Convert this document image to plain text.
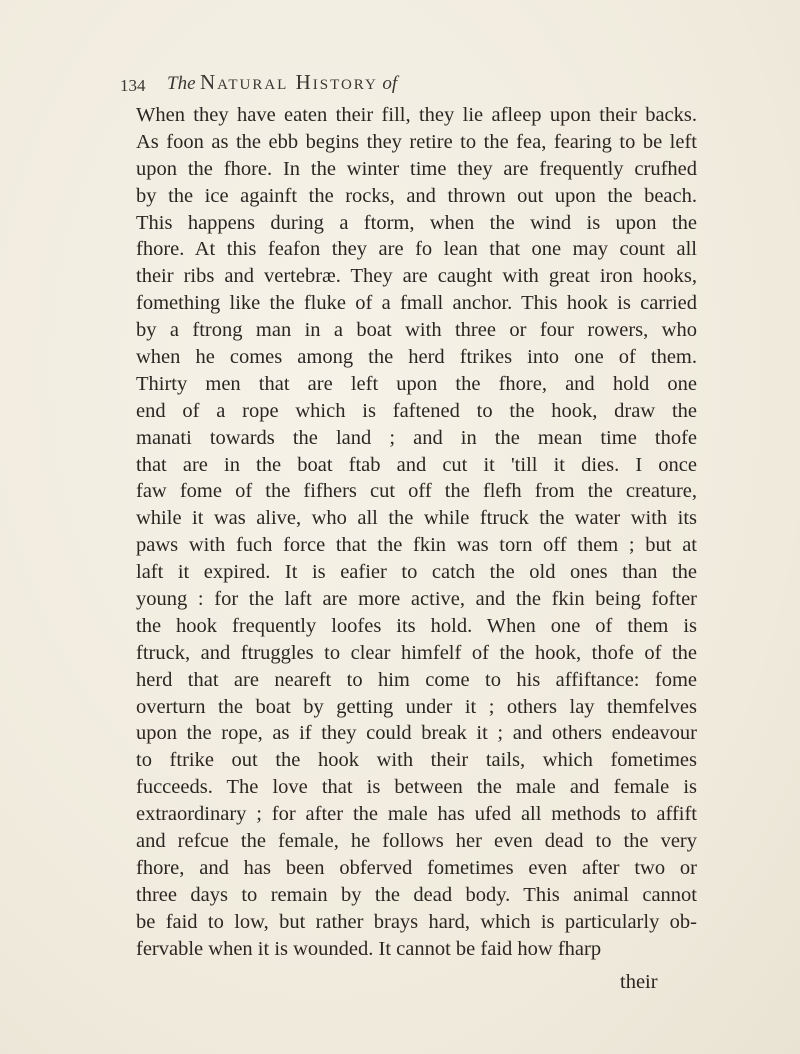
134 The Natural History of
When they have eaten their fill, they lie afleep upon their backs.
As foon as the ebb begins they retire to the fea, fearing to be left
upon the fhore. In the winter time they are frequently crufhed
by the ice againft the rocks, and thrown out upon the beach.
This happens during a ftorm, when the wind is upon the
fhore. At this feafon they are fo lean that one may count all
their ribs and vertebræ. They are caught with great iron hooks,
fomething like the fluke of a fmall anchor. This hook is carried
by a ftrong man in a boat with three or four rowers, who
when he comes among the herd ftrikes into one of them.
Thirty men that are left upon the fhore, and hold one
end of a rope which is faftened to the hook, draw the
manati towards the land ; and in the mean time thofe
that are in the boat ftab and cut it 'till it dies. I once
faw fome of the fifhers cut off the flefh from the creature,
while it was alive, who all the while ftruck the water with its
paws with fuch force that the fkin was torn off them ; but at
laft it expired. It is eafier to catch the old ones than the
young : for the laft are more active, and the fkin being fofter
the hook frequently loofes its hold. When one of them is
ftruck, and ftruggles to clear himfelf of the hook, thofe of the
herd that are neareft to him come to his affiftance: fome
overturn the boat by getting under it ; others lay themfelves
upon the rope, as if they could break it ; and others endeavour
to ftrike out the hook with their tails, which fometimes
fucceeds. The love that is between the male and female is
extraordinary ; for after the male has ufed all methods to affift
and refcue the female, he follows her even dead to the very
fhore, and has been obferved fometimes even after two or
three days to remain by the dead body. This animal cannot
be faid to low, but rather brays hard, which is particularly ob-
fervable when it is wounded. It cannot be faid how fharp
their
